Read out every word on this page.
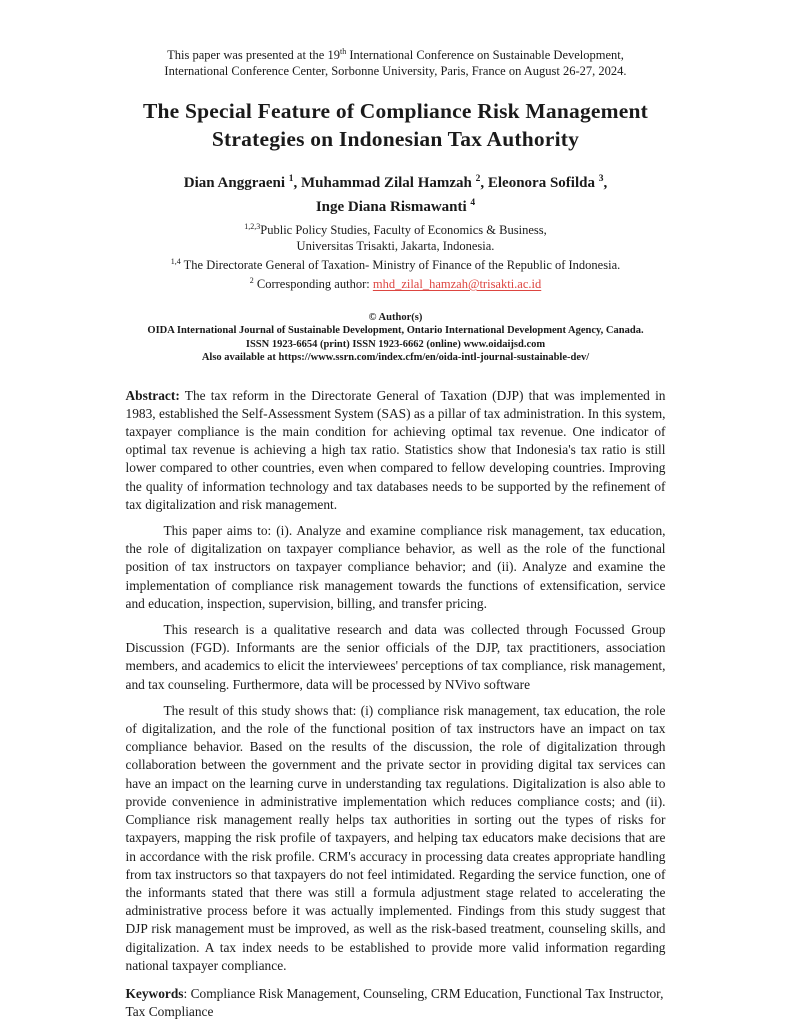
This paper was presented at the 19th International Conference on Sustainable Development,
International Conference Center, Sorbonne University, Paris, France on August 26-27, 2024.
The Special Feature of Compliance Risk Management
Strategies on Indonesian Tax Authority
Dian Anggraeni $^1$, Muhammad Zilal Hamzah $^2$, Eleonora Sofilda $^3$,
Inge Diana Rismawanti $^4$
$^{1,2,3}$Public Policy Studies, Faculty of Economics & Business,
Universitas Trisakti, Jakarta, Indonesia.
$^{1,4}$ The Directorate General of Taxation- Ministry of Finance of the Republic of Indonesia.
$^2$ Corresponding author: mhd_zilal_hamzah@trisakti.ac.id
© Author(s)
OIDA International Journal of Sustainable Development, Ontario International Development Agency, Canada.
ISSN 1923-6654 (print) ISSN 1923-6662 (online) www.oidaijsd.com
Also available at https://www.ssrn.com/index.cfm/en/oida-intl-journal-sustainable-dev/

Abstract: The tax reform in the Directorate General of Taxation (DJP) that was implemented in 1983, established the Self-Assessment System (SAS) as a pillar of tax administration. In this system, taxpayer compliance is the main condition for achieving optimal tax revenue. One indicator of optimal tax revenue is achieving a high tax ratio. Statistics show that Indonesia's tax ratio is still lower compared to other countries, even when compared to fellow developing countries. Improving the quality of information technology and tax databases needs to be supported by the refinement of tax digitalization and risk management.

This paper aims to: (i). Analyze and examine compliance risk management, tax education, the role of digitalization on taxpayer compliance behavior, as well as the role of the functional position of tax instructors on taxpayer compliance behavior; and (ii). Analyze and examine the implementation of compliance risk management towards the functions of extensification, service and education, inspection, supervision, billing, and transfer pricing.

This research is a qualitative research and data was collected through Focussed Group Discussion (FGD). Informants are the senior officials of the DJP, tax practitioners, association members, and academics to elicit the interviewees' perceptions of tax compliance, risk management, and tax counseling. Furthermore, data will be processed by NVivo software

The result of this study shows that: (i) compliance risk management, tax education, the role of digitalization, and the role of the functional position of tax instructors have an impact on tax compliance behavior. Based on the results of the discussion, the role of digitalization through collaboration between the government and the private sector in providing digital tax services can have an impact on the learning curve in understanding tax regulations. Digitalization is also able to provide convenience in administrative implementation which reduces compliance costs; and (ii). Compliance risk management really helps tax authorities in sorting out the types of risks for taxpayers, mapping the risk profile of taxpayers, and helping tax educators make decisions that are in accordance with the risk profile. CRM's accuracy in processing data creates appropriate handling from tax instructors so that taxpayers do not feel intimidated. Regarding the service function, one of the informants stated that there was still a formula adjustment stage related to accelerating the administrative process before it was actually implemented. Findings from this study suggest that DJP risk management must be improved, as well as the risk-based treatment, counseling skills, and digitalization. A tax index needs to be established to provide more valid information regarding national taxpayer compliance.

Keywords: Compliance Risk Management, Counseling, CRM Education, Functional Tax Instructor, Tax Compliance
